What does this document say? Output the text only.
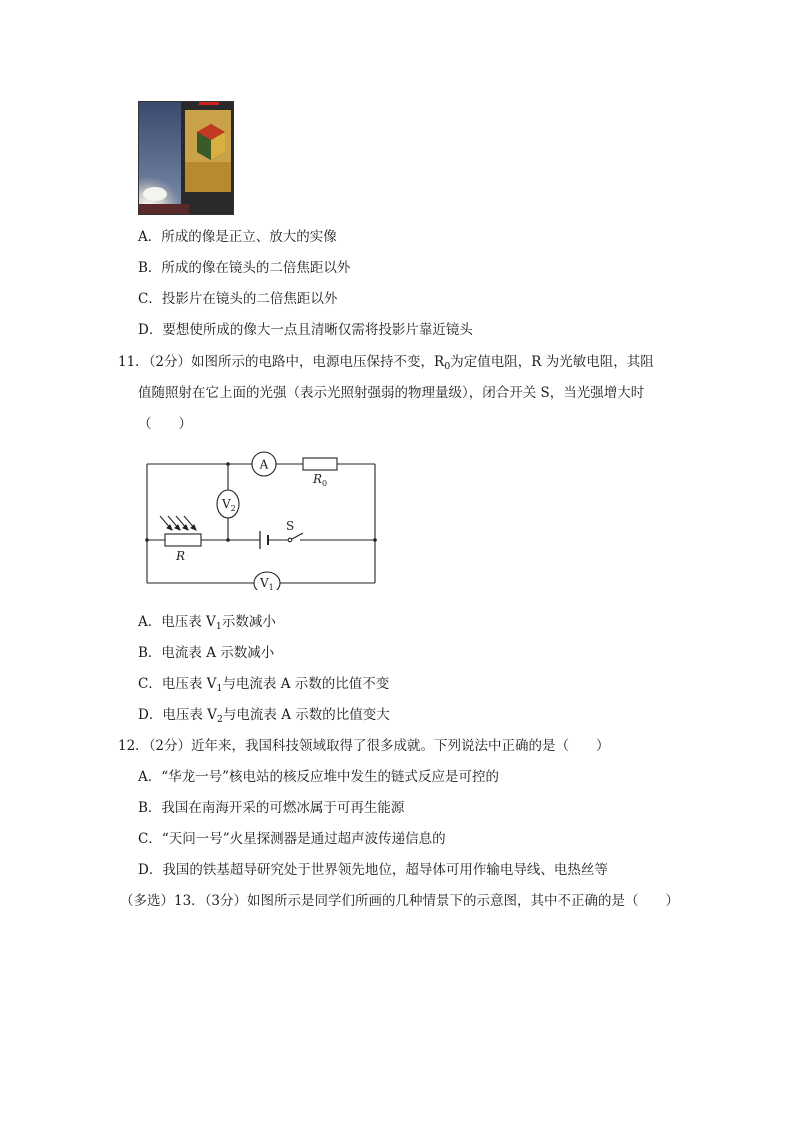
A．所成的像是正立、放大的实像
B．所成的像在镜头的二倍焦距以外
C．投影片在镜头的二倍焦距以外
D．要想使所成的像大一点且清晰仅需将投影片靠近镜头
11．（2分）如图所示的电路中，电源电压保持不变，$R_0$为定值电阻，R 为光敏电阻，其阻
值随照射在它上面的光强（表示光照射强弱的物理量级），闭合开关 S，当光强增大时
（　　）
A
$R_0$
$V_2$
R
S
$V_1$
A．电压表 $V_1$示数减小
B．电流表 A 示数减小
C．电压表 $V_1$与电流表 A 示数的比值不变
D．电压表 $V_2$与电流表 A 示数的比值变大
12．（2分）近年来，我国科技领域取得了很多成就。下列说法中正确的是（　　）
A．“华龙一号”核电站的核反应堆中发生的链式反应是可控的
B．我国在南海开采的可燃冰属于可再生能源
C．“天问一号”火星探测器是通过超声波传递信息的
D．我国的铁基超导研究处于世界领先地位，超导体可用作输电导线、电热丝等
（多选）13．（3分）如图所示是同学们所画的几种情景下的示意图，其中不正确的是（　　）
